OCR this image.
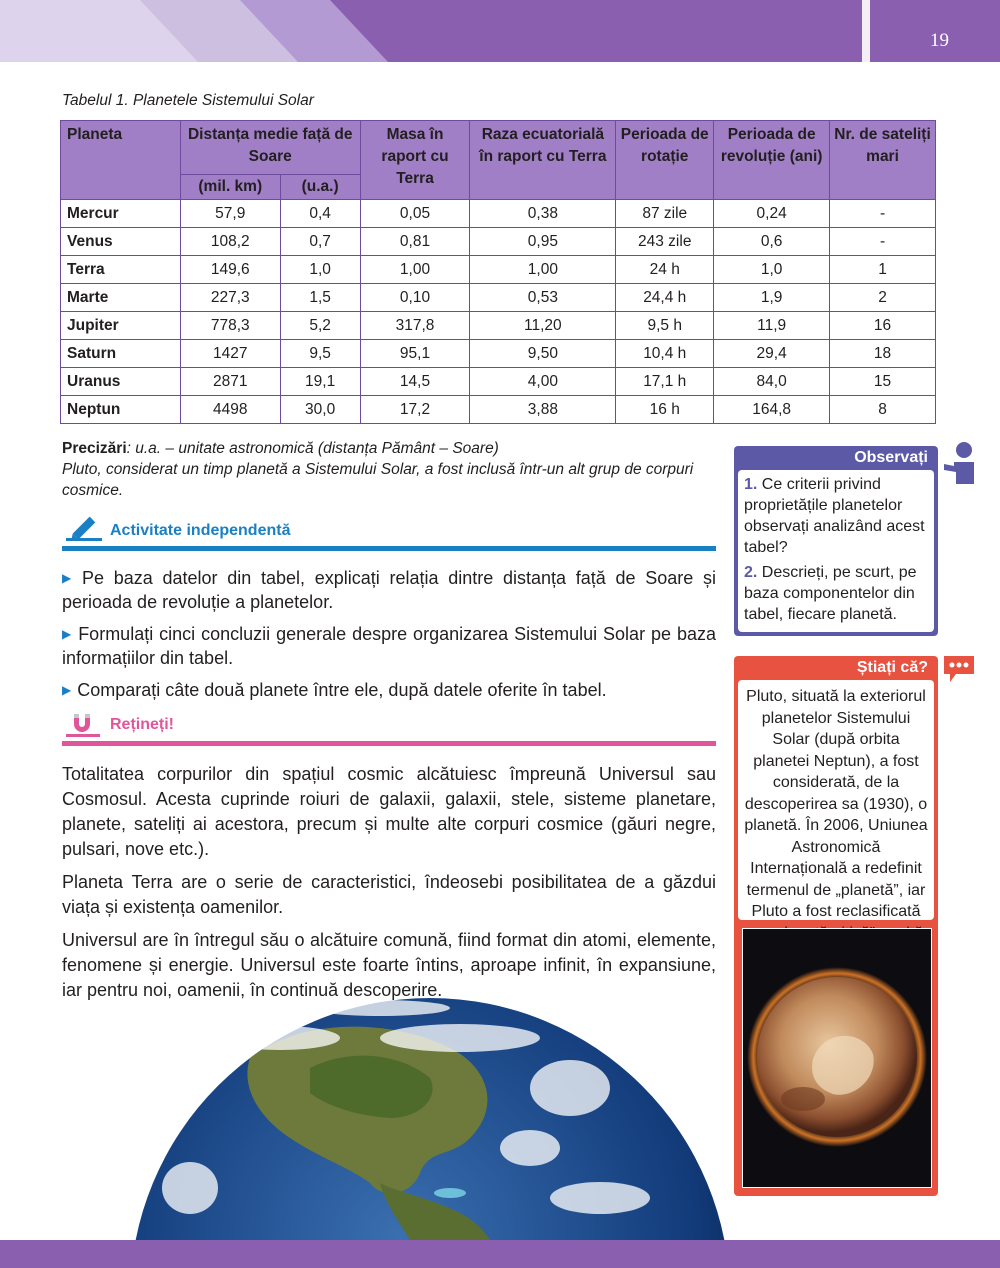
19
Tabelul 1. Planetele Sistemului Solar
Planeta	Distanța medie față de Soare		Masa în raport cu Terra	Raza ecuatorială în raport cu Terra	Perioada de rotație	Perioada de revoluție (ani)	Nr. de sateliți mari
	(mil. km)	(u.a.)					
Mercur	57,9	0,4	0,05	0,38	87 zile	0,24	-
Venus	108,2	0,7	0,81	0,95	243 zile	0,6	-
Terra	149,6	1,0	1,00	1,00	24 h	1,0	1
Marte	227,3	1,5	0,10	0,53	24,4 h	1,9	2
Jupiter	778,3	5,2	317,8	11,20	9,5 h	11,9	16
Saturn	1427	9,5	95,1	9,50	10,4 h	29,4	18
Uranus	2871	19,1	14,5	4,00	17,1 h	84,0	15
Neptun	4498	30,0	17,2	3,88	16 h	164,8	8
Precizări: u.a. – unitate astronomică (distanța Pământ – Soare)
Pluto, considerat un timp planetă a Sistemului Solar, a fost inclusă într-un alt grup de corpuri cosmice.
Activitate independentă

▶ Pe baza datelor din tabel, explicați relația dintre distanța față de Soare și perioada de revoluție a planetelor.

▶ Formulați cinci concluzii generale despre organizarea Sistemului Solar pe baza informațiilor din tabel.

▶ Comparați câte două planete între ele, după datele oferite în tabel.

Rețineți!

Totalitatea corpurilor din spațiul cosmic alcătuiesc împreună Universul sau Cosmosul. Acesta cuprinde roiuri de galaxii, galaxii, stele, sisteme planetare, planete, sateliți ai acestora, precum și multe alte corpuri cosmice (găuri negre, pulsari, nove etc.).

Planeta Terra are o serie de caracteristici, îndeosebi posibilitatea de a găzdui viața și existența oamenilor.

Universul are în întregul său o alcătuire comună, fiind format din atomi, elemente, fenomene și energie. Universul este foarte întins, aproape infinit, în expansiune, iar pentru noi, oamenii, în continuă descoperire.

Observați

1. Ce criterii privind proprietățile planetelor observați analizând acest tabel?

2. Descrieți, pe scurt, pe baza componentelor din tabel, fiecare planetă.

Știați că?
Pluto, situată la exteriorul planetelor Sistemului Solar (după orbita planetei Neptun), a fost considerată, de la descoperirea sa (1930), o planetă. În 2006, Uniunea Astronomică Internațională a redefinit termenul de „planetă”, iar Pluto a fost reclasificată ca „planetă pitică”, o altă categorie de corpuri
